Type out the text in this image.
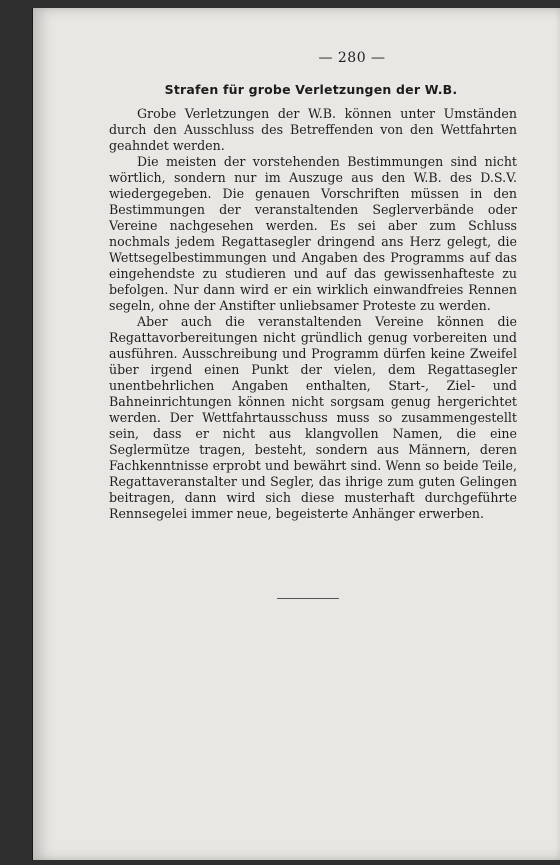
— 280 —
Strafen für grobe Verletzungen der W.B.

Grobe Verletzungen der W.B. können unter Umständen durch den Ausschluss des Betreffenden von den Wettfahrten geahndet werden.

Die meisten der vorstehenden Bestimmungen sind nicht wörtlich, sondern nur im Auszuge aus den W.B. des D.S.V. wiedergegeben. Die genauen Vorschriften müssen in den Bestimmungen der veranstaltenden Seglerverbände oder Vereine nachgesehen werden. Es sei aber zum Schluss nochmals jedem Regattasegler dringend ans Herz gelegt, die Wettsegelbestimmungen und Angaben des Programms auf das eingehendste zu studieren und auf das gewissenhafteste zu befolgen. Nur dann wird er ein wirklich einwandfreies Rennen segeln, ohne der Anstifter unliebsamer Proteste zu werden.

Aber auch die veranstaltenden Vereine können die Regattavorbereitungen nicht gründlich genug vorbereiten und ausführen. Ausschreibung und Programm dürfen keine Zweifel über irgend einen Punkt der vielen, dem Regattasegler unentbehrlichen Angaben enthalten, Start-, Ziel- und Bahneinrichtungen können nicht sorgsam genug hergerichtet werden. Der Wettfahrtausschuss muss so zusammengestellt sein, dass er nicht aus klangvollen Namen, die eine Seglermütze tragen, besteht, sondern aus Männern, deren Fachkenntnisse erprobt und bewährt sind. Wenn so beide Teile, Regattaveranstalter und Segler, das ihrige zum guten Gelingen beitragen, dann wird sich diese musterhaft durchgeführte Rennsegelei immer neue, begeisterte Anhänger erwerben.
